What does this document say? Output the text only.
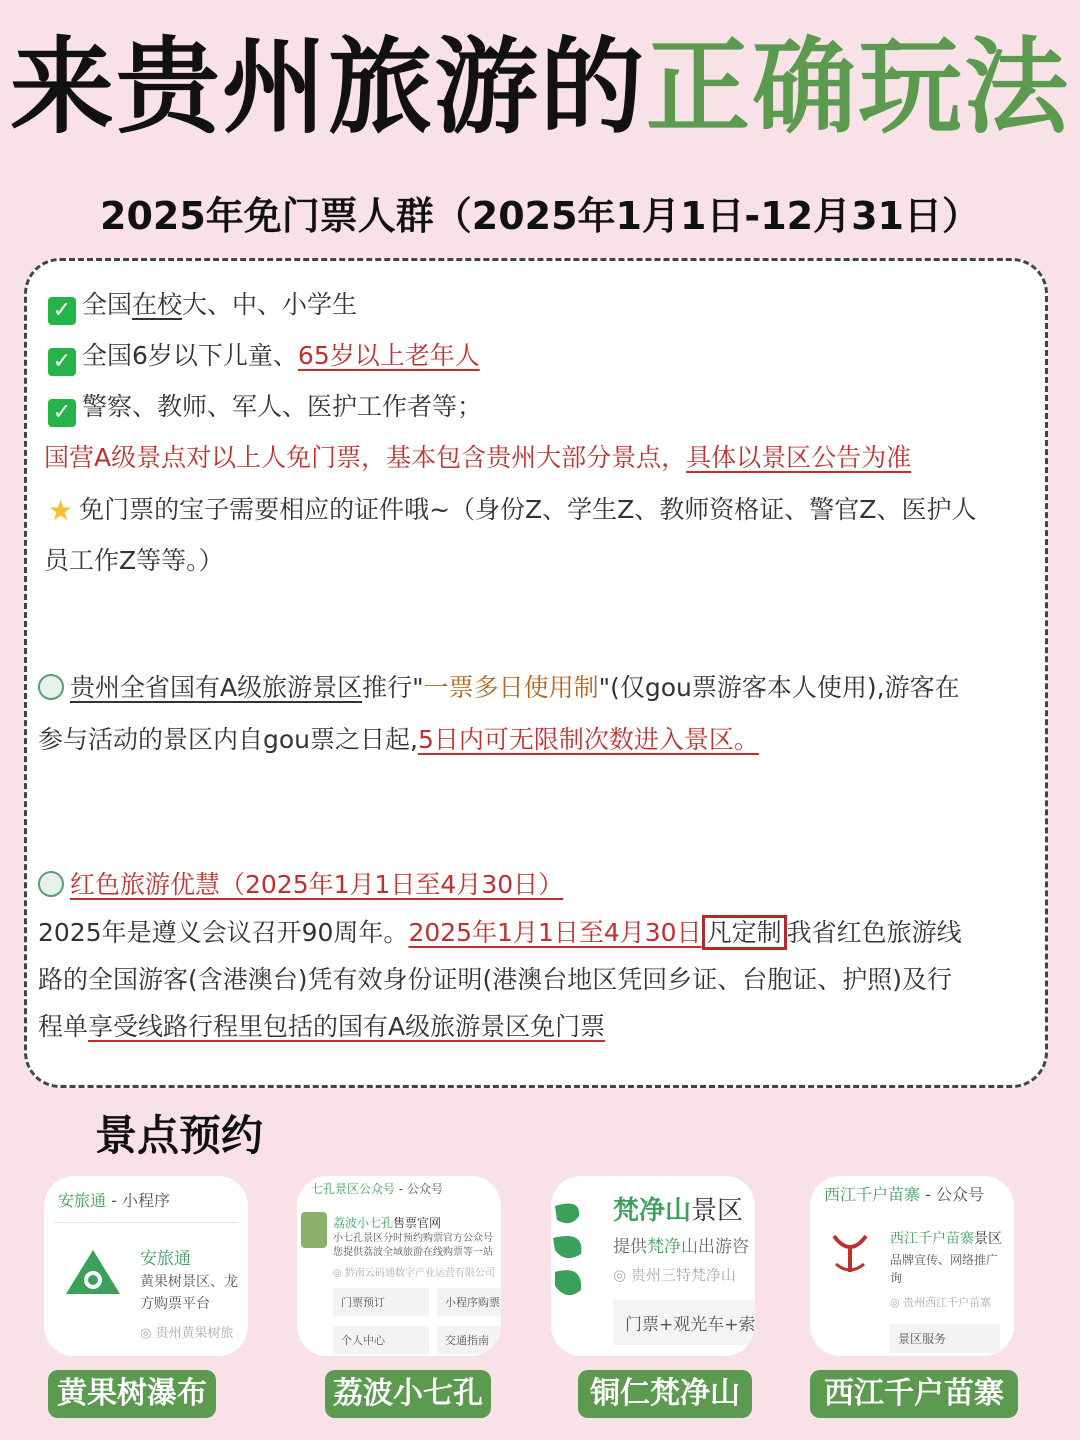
来贵州旅游的正确玩法
2025年免门票人群（2025年1月1日-12月31日）
✓ 全国在校大、中、小学生
✓ 全国6岁以下儿童、65岁以上老年人
✓ 警察、教师、军人、医护工作者等；
国营A级景点对以上人免门票，基本包含贵州大部分景点，具体以景区公告为准
★ 免门票的宝子需要相应的证件哦~（身份Z、学生Z、教师资格证、警官Z、医护人
员工作Z等等。）
贵州全省国有A级旅游景区推行"一票多日使用制"(仅gou票游客本人使用),游客在
参与活动的景区内自gou票之日起,5日内可无限制次数进入景区。
红色旅游优慧（2025年1月1日至4月30日）
2025年是遵义会议召开90周年。2025年1月1日至4月30日 凡定制 我省红色旅游线
路的全国游客(含港澳台)凭有效身份证明(港澳台地区凭回乡证、台胞证、护照)及行
程单享受线路行程里包括的国有A级旅游景区免门票
景点预约
安旅通 - 小程序
安旅通
黄果树景区、龙
方购票平台
◎ 贵州黄果树旅
七孔景区公众号 - 公众号
荔波小七孔售票官网
小七孔景区分时预约购票官方公众号
您提供荔波全域旅游在线购票等一站
◎ 黔南云码通数字产业运营有限公司
门票预订	小程序购票
个人中心	交通指南
梵净山景区
提供梵净山出游咨
◎ 贵州三特梵净山
门票+观光车+索
西江千户苗寨 - 公众号
西江千户苗寨景区
品牌宣传、网络推广
询
◎ 贵州西江千户苗寨
景区服务
黄果树瀑布	荔波小七孔	铜仁梵净山	西江千户苗寨
